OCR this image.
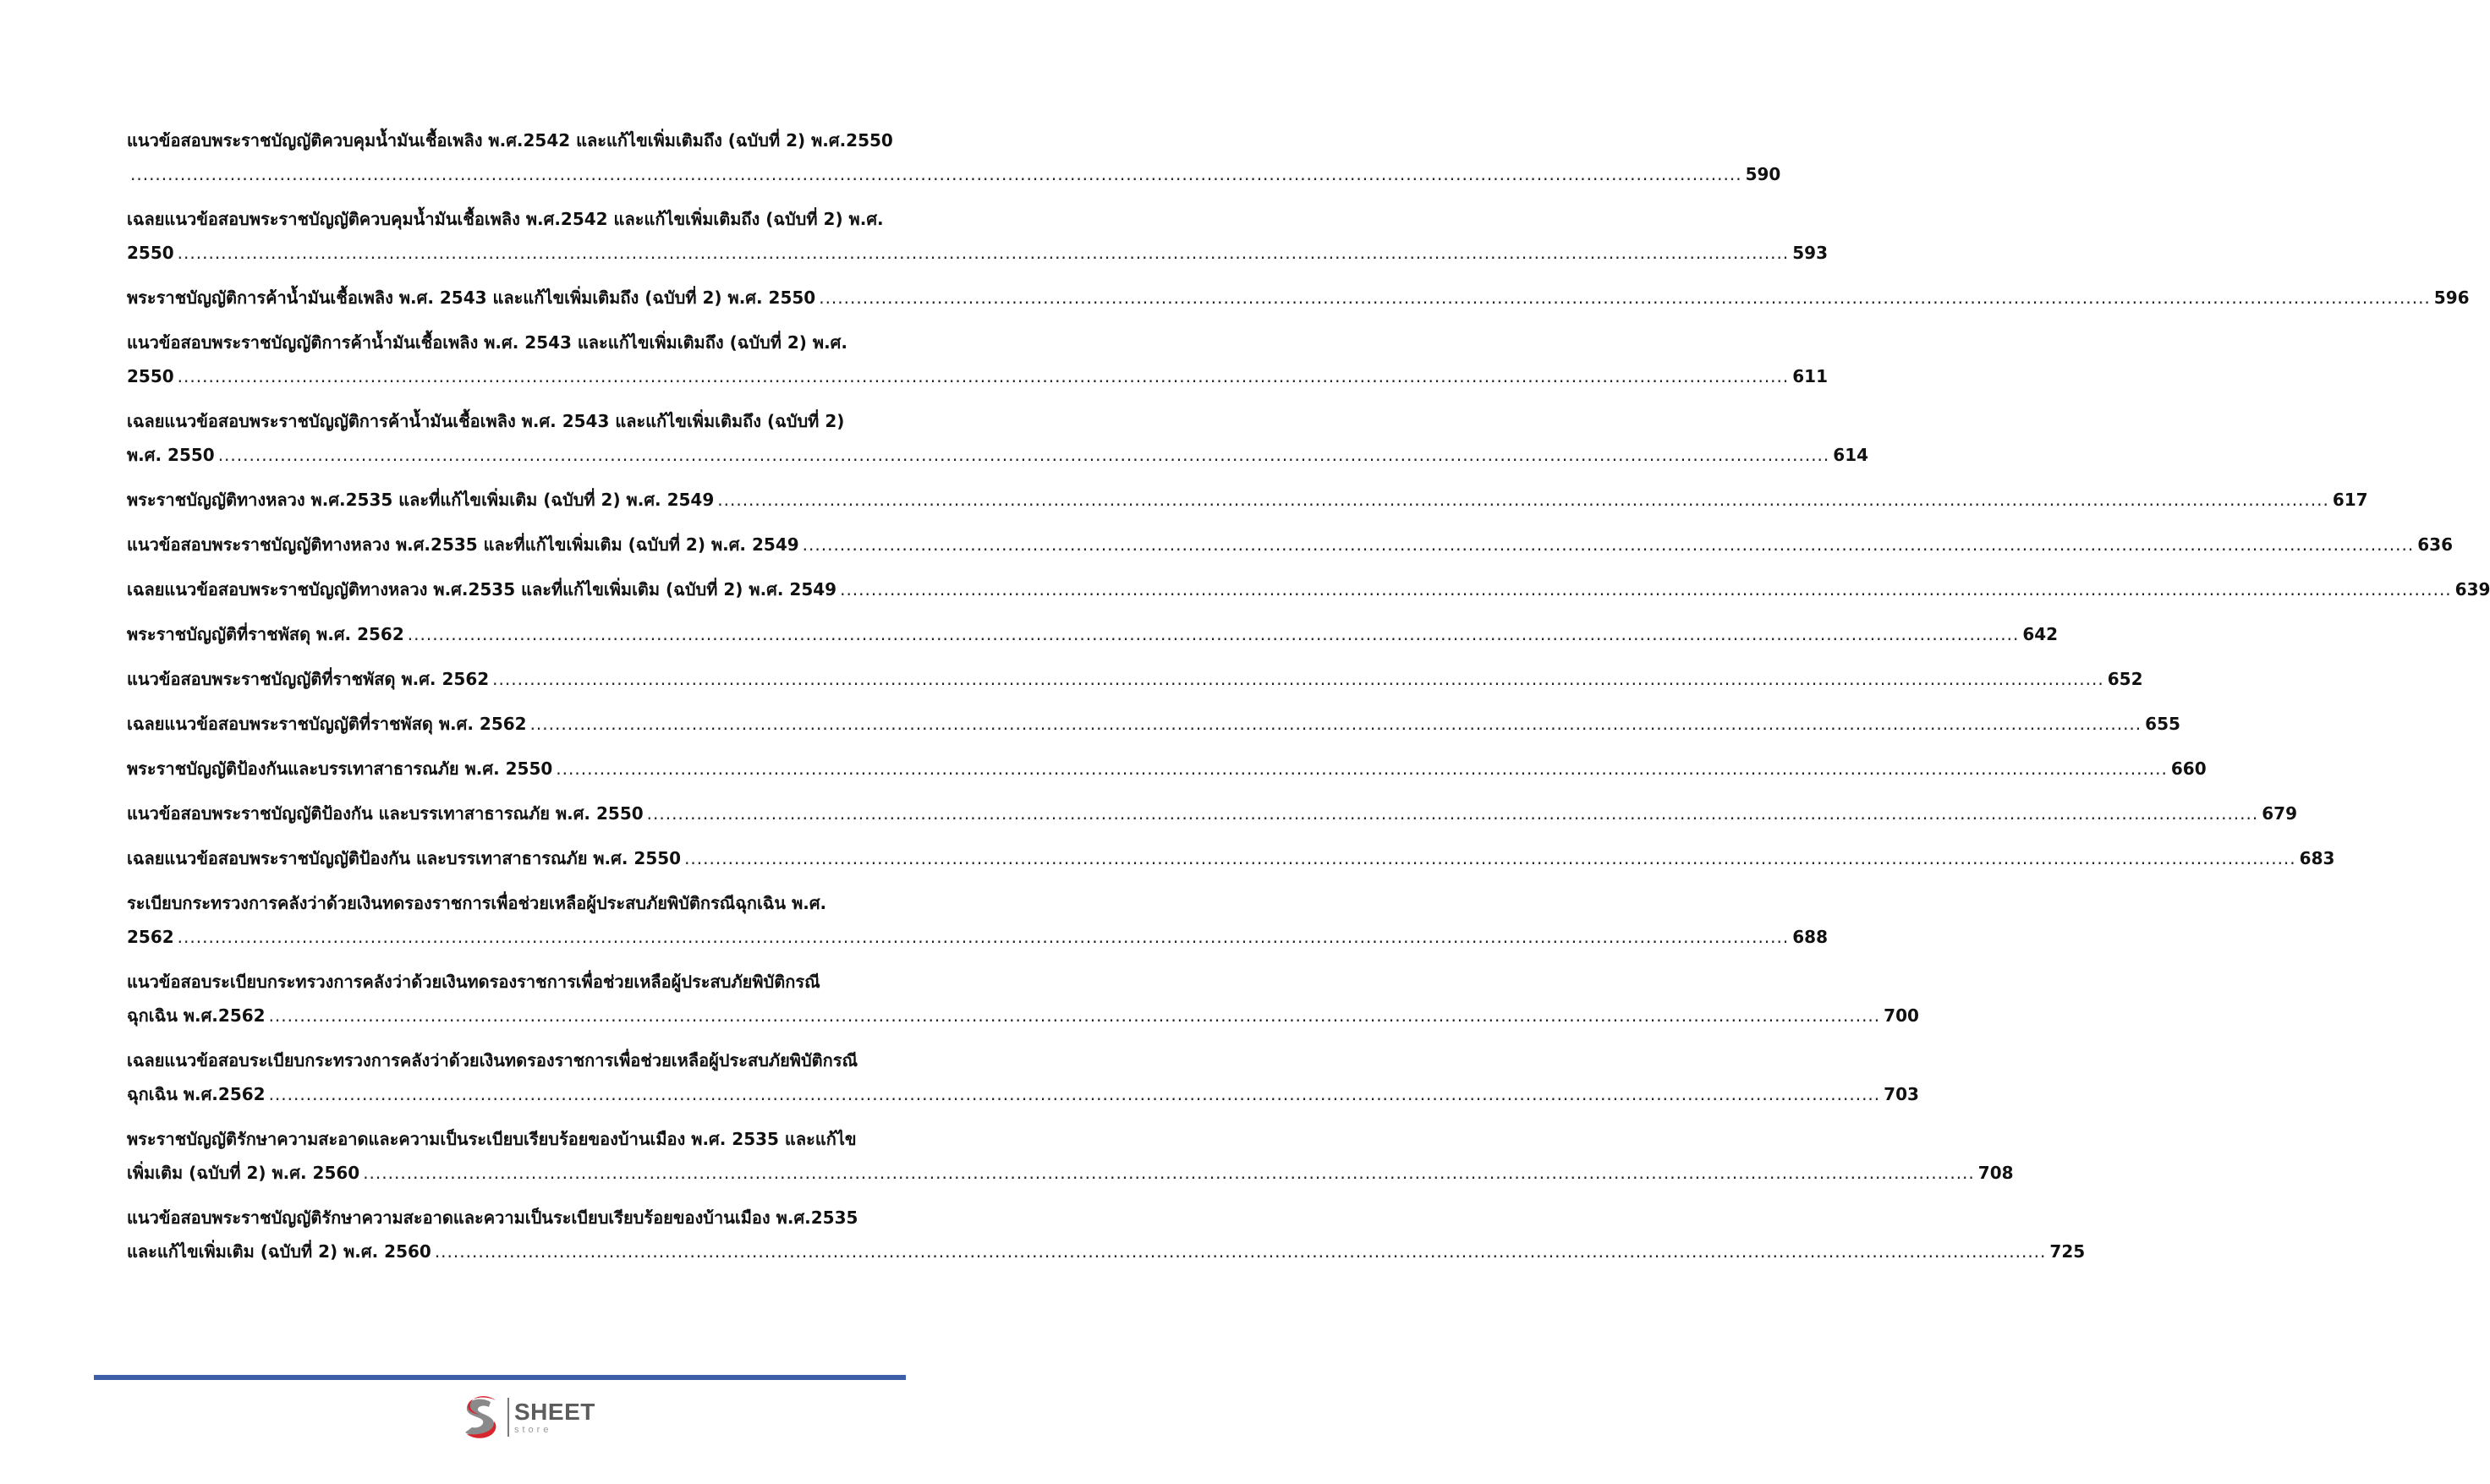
แนวข้อสอบพระราชบัญญัติควบคุมน้ำมันเชื้อเพลิง พ.ศ.2542 และแก้ไขเพิ่มเติมถึง (ฉบับที่ 2) พ.ศ.2550
.....
590
เฉลยแนวข้อสอบพระราชบัญญัติควบคุมน้ำมันเชื้อเพลิง พ.ศ.2542 และแก้ไขเพิ่มเติมถึง (ฉบับที่ 2) พ.ศ.
2550 .....	593
พระราชบัญญัติการค้าน้ำมันเชื้อเพลิง พ.ศ. 2543 และแก้ไขเพิ่มเติมถึง (ฉบับที่ 2) พ.ศ. 2550 .....	596
แนวข้อสอบพระราชบัญญัติการค้าน้ำมันเชื้อเพลิง พ.ศ. 2543 และแก้ไขเพิ่มเติมถึง (ฉบับที่ 2) พ.ศ.
2550 .....	611
เฉลยแนวข้อสอบพระราชบัญญัติการค้าน้ำมันเชื้อเพลิง พ.ศ. 2543 และแก้ไขเพิ่มเติมถึง (ฉบับที่ 2)
พ.ศ. 2550 .....	614
พระราชบัญญัติทางหลวง พ.ศ.2535 และที่แก้ไขเพิ่มเติม (ฉบับที่ 2) พ.ศ. 2549 .....	617
แนวข้อสอบพระราชบัญญัติทางหลวง พ.ศ.2535 และที่แก้ไขเพิ่มเติม (ฉบับที่ 2) พ.ศ. 2549 .....	636
เฉลยแนวข้อสอบพระราชบัญญัติทางหลวง พ.ศ.2535 และที่แก้ไขเพิ่มเติม (ฉบับที่ 2) พ.ศ. 2549 .....	639
พระราชบัญญัติที่ราชพัสดุ พ.ศ. 2562 .....	642
แนวข้อสอบพระราชบัญญัติที่ราชพัสดุ พ.ศ. 2562 .....	652
เฉลยแนวข้อสอบพระราชบัญญัติที่ราชพัสดุ พ.ศ. 2562 .....	655
พระราชบัญญัติป้องกันและบรรเทาสาธารณภัย พ.ศ. 2550 .....	660
แนวข้อสอบพระราชบัญญัติป้องกัน และบรรเทาสาธารณภัย พ.ศ. 2550 .....	679
เฉลยแนวข้อสอบพระราชบัญญัติป้องกัน และบรรเทาสาธารณภัย พ.ศ. 2550 .....	683
ระเบียบกระทรวงการคลังว่าด้วยเงินทดรองราชการเพื่อช่วยเหลือผู้ประสบภัยพิบัติกรณีฉุกเฉิน พ.ศ.
2562 .....	688
แนวข้อสอบระเบียบกระทรวงการคลังว่าด้วยเงินทดรองราชการเพื่อช่วยเหลือผู้ประสบภัยพิบัติกรณี
ฉุกเฉิน พ.ศ.2562 .....	700
เฉลยแนวข้อสอบระเบียบกระทรวงการคลังว่าด้วยเงินทดรองราชการเพื่อช่วยเหลือผู้ประสบภัยพิบัติกรณี
ฉุกเฉิน พ.ศ.2562 .....	703
พระราชบัญญัติรักษาความสะอาดและความเป็นระเบียบเรียบร้อยของบ้านเมือง พ.ศ. 2535 และแก้ไข
เพิ่มเติม (ฉบับที่ 2) พ.ศ. 2560 .....	708
แนวข้อสอบพระราชบัญญัติรักษาความสะอาดและความเป็นระเบียบเรียบร้อยของบ้านเมือง พ.ศ.2535
และแก้ไขเพิ่มเติม (ฉบับที่ 2) พ.ศ. 2560 .....	725
SHEET
store
